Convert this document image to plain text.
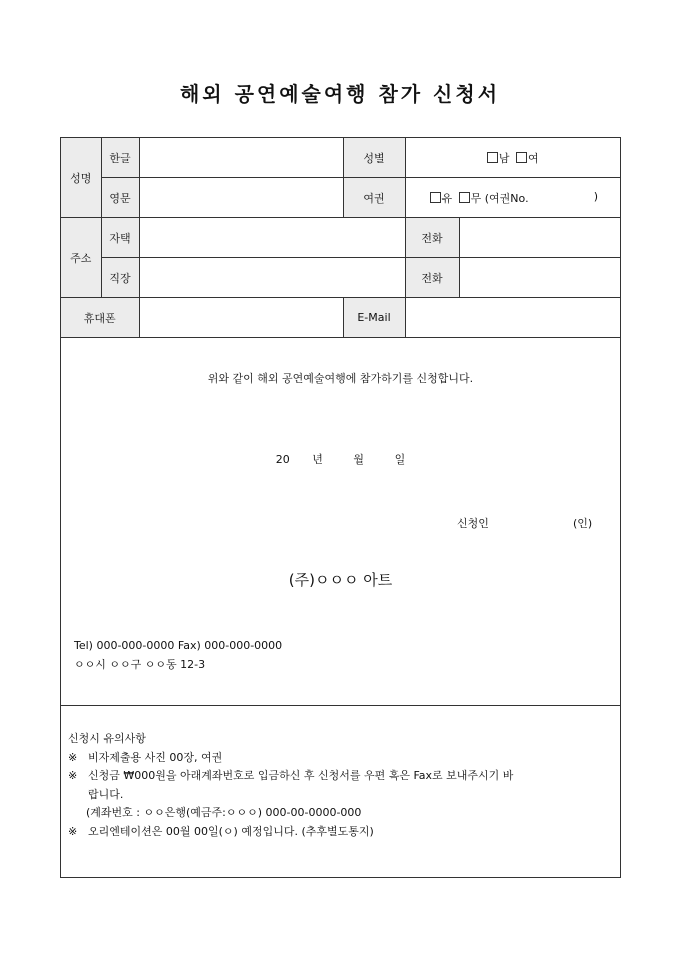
해외 공연예술여행 참가 신청서
성명	한글		성별	남 여	
	영문		여권	유 무 (여권No. )	

주소	자택			전화	
	직장			전화	
휴대폰			E-Mail		
위와 같이 해외 공연예술여행에 참가하기를 신청합니다.
20 년	월	일
신청인	(인)
(주)ㅇㅇㅇ 아트
Tel) 000-000-0000 Fax) 000-000-0000
ㅇㅇ시 ㅇㅇ구 ㅇㅇ동 12-3
신청시 유의사항
※ 비자제출용 사진 00장, 여권
※ 신청금 ₩000원을 아래계좌번호로 입금하신 후 신청서를 우편 혹은 Fax로 보내주시기 바
랍니다.
(계좌번호 : ㅇㅇ은행(예금주:ㅇㅇㅇ) 000-00-0000-000
※ 오리엔테이션은 00월 00일(ㅇ) 예정입니다. (추후별도통지)
